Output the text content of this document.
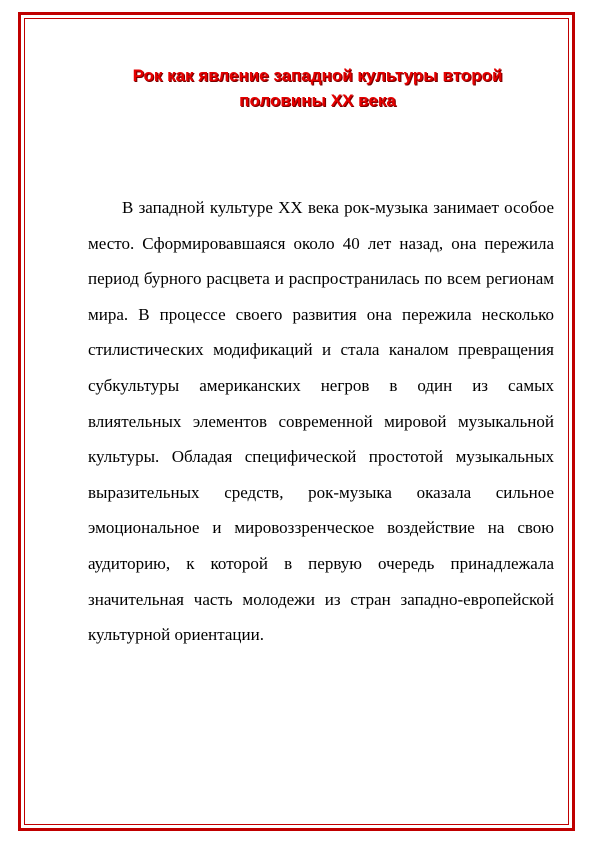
Рок как явление западной культуры второй
половины XX века

В западной культуре XX века рок-музыка занимает особое место. Сформировавшаяся около 40 лет назад, она пережила период бурного расцвета и распространилась по всем регионам мира. В процессе своего развития она пережила несколько стилистических модификаций и стала каналом превращения субкультуры американских негров в один из самых влиятельных элементов современной мировой музыкальной культуры. Обладая специфической простотой музыкальных выразительных средств, рок-музыка оказала сильное эмоциональное и мировоззренческое воздействие на свою аудиторию, к которой в первую очередь принадлежала значительная часть молодежи из стран западно-европейской культурной ориентации.
